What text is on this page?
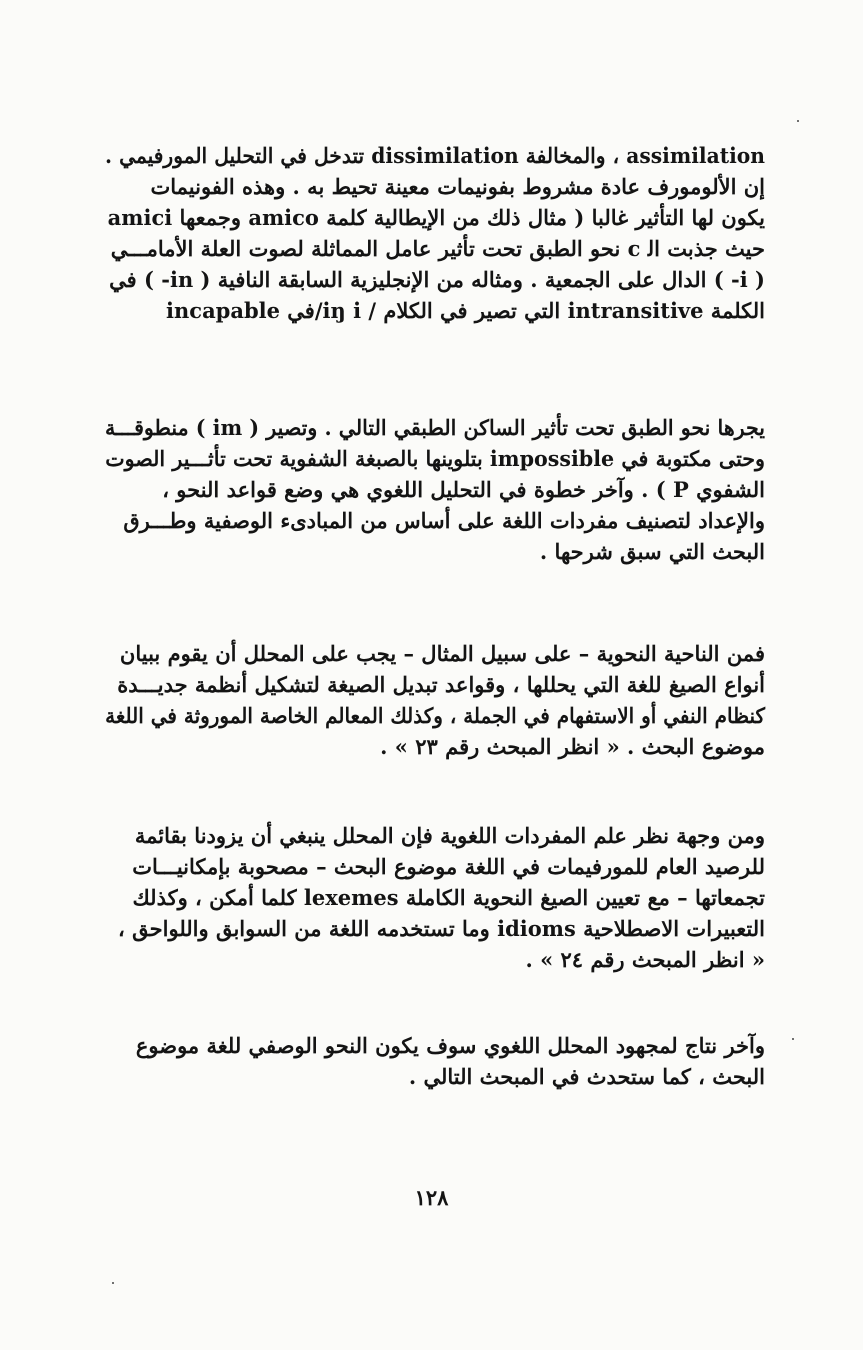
assimilation ، والمخالفة dissimilation تتدخل في التحليل المورفيمي .
إن الألومورف عادة مشروط بفونيمات معينة تحيط به . وهذه الفونيمات
يكون لها التأثير غالبا ( مثال ذلك من الإيطالية كلمة amico وجمعها amici
حيث جذبت اﻟ c نحو الطبق تحت تأثير عامل المماثلة لصوت العلة الأمامـــي
( i- ) الدال على الجمعية . ومثاله من الإنجليزية السابقة النافية ( in- ) في
الكلمة intransitive التي تصير في الكلام / iŋ i/في incapable
يجرها نحو الطبق تحت تأثير الساكن الطبقي التالي . وتصير ( im ) منطوقـــة
وحتى مكتوبة في impossible بتلوينها بالصبغة الشفوية تحت تأثـــير الصوت
الشفوي P ) . وآخر خطوة في التحليل اللغوي هي وضع قواعد النحو ،
والإعداد لتصنيف مفردات اللغة على أساس من المبادىء الوصفية وطـــرق
البحث التي سبق شرحها .
فمن الناحية النحوية – على سبيل المثال – يجب على المحلل أن يقوم ببيان
أنواع الصيغ للغة التي يحللها ، وقواعد تبديل الصيغة لتشكيل أنظمة جديـــدة
كنظام النفي أو الاستفهام في الجملة ، وكذلك المعالم الخاصة الموروثة في اللغة
موضوع البحث . « انظر المبحث رقم ٢٣ » .
ومن وجهة نظر علم المفردات اللغوية فإن المحلل ينبغي أن يزودنا بقائمة
للرصيد العام للمورفيمات في اللغة موضوع البحث – مصحوبة بإمكانيـــات
تجمعاتها – مع تعيين الصيغ النحوية الكاملة lexemes كلما أمكن ، وكذلك
التعبيرات الاصطلاحية idioms وما تستخدمه اللغة من السوابق واللواحق ،
« انظر المبحث رقم ٢٤ » .
وآخر نتاج لمجهود المحلل اللغوي سوف يكون النحو الوصفي للغة موضوع
البحث ، كما ستحدث في المبحث التالي .
١٢٨
